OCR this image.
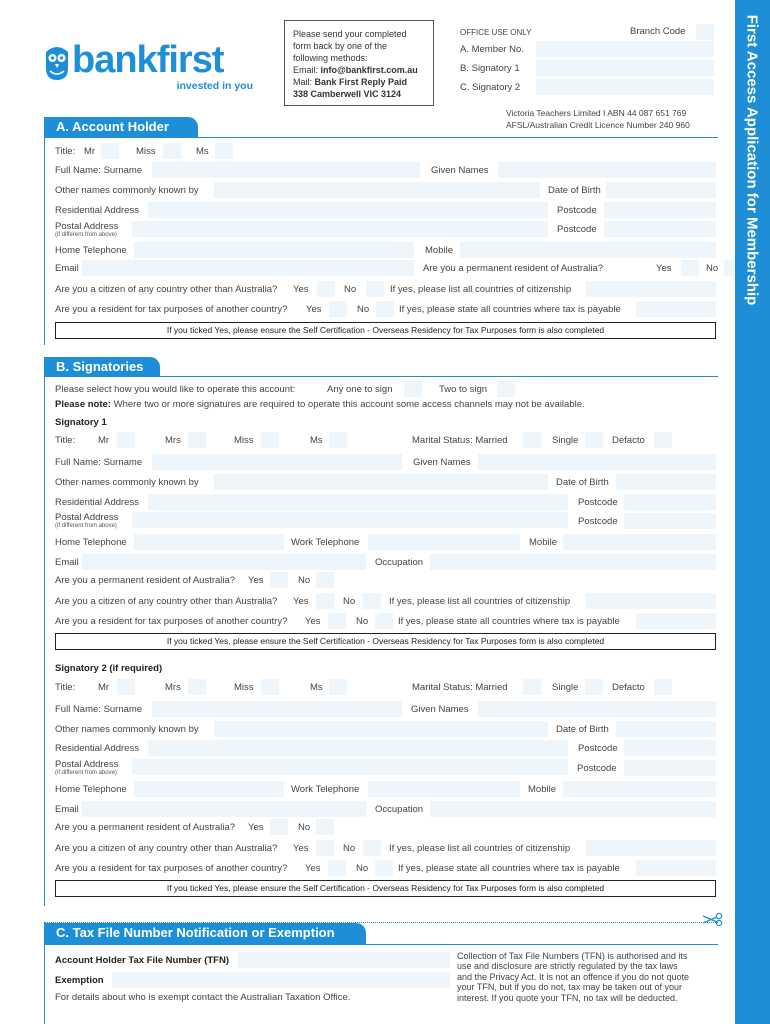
First Access Application for Membership
bankfirst
invested in you
Please send your completed
form back by one of the
following methods:
Email: info@bankfirst.com.au
Mail: Bank First Reply Paid
338 Camberwell VIC 3124
OFFICE USE ONLY	Branch Code
A. Member No.
B. Signatory 1
C. Signatory 2
Victoria Teachers Limited I ABN 44 087 651 769
AFSL/Australian Credit Licence Number 240 960
A. Account Holder
Title: Mr	Miss	Ms
Full Name: Surname	Given Names
Other names commonly known by	Date of Birth
Residential Address	Postcode
Postal Address
(if different from above)	Postcode
Home Telephone	Mobile
Email	Are you a permanent resident of Australia?	Yes	No
Are you a citizen of any country other than Australia? Yes	No	If yes, please list all countries of citizenship
Are you a resident for tax purposes of another country? Yes	No	If yes, please state all countries where tax is payable
If you ticked Yes, please ensure the Self Certification - Overseas Residency for Tax Purposes form is also completed
B. Signatories
Please select how you would like to operate this account:	Any one to sign	Two to sign
Please note: Where two or more signatures are required to operate this account some access channels may not be available.
Signatory 1
Title: Mr	Mrs	Miss	Ms	Marital Status: Married	Single	Defacto
Full Name: Surname	Given Names
Other names commonly known by	Date of Birth
Residential Address	Postcode
Postal Address
(if different from above)	Postcode
Home Telephone	Work Telephone	Mobile
Email	Occupation
Are you a permanent resident of Australia? Yes	No
Are you a citizen of any country other than Australia? Yes	No	If yes, please list all countries of citizenship
Are you a resident for tax purposes of another country? Yes	No	If yes, please state all countries where tax is payable
If you ticked Yes, please ensure the Self Certification - Overseas Residency for Tax Purposes form is also completed
Signatory 2 (if required)
Title: Mr	Mrs	Miss	Ms	Marital Status: Married	Single	Defacto
Full Name: Surname	Given Names
Other names commonly known by	Date of Birth
Residential Address	Postcode
Postal Address
(if different from above)	Postcode
Home Telephone	Work Telephone	Mobile
Email	Occupation
Are you a permanent resident of Australia? Yes	No
Are you a citizen of any country other than Australia? Yes	No	If yes, please list all countries of citizenship
Are you a resident for tax purposes of another country? Yes	No	If yes, please state all countries where tax is payable
If you ticked Yes, please ensure the Self Certification - Overseas Residency for Tax Purposes form is also completed
C. Tax File Number Notification or Exemption
Account Holder Tax File Number (TFN)
Exemption
For details about who is exempt contact the Australian Taxation Office.
Collection of Tax File Numbers (TFN) is authorised and its
use and disclosure are strictly regulated by the tax laws
and the Privacy Act. It is not an offence if you do not quote
your TFN, but if you do not, tax may be taken out of your
interest. If you quote your TFN, no tax will be deducted.
